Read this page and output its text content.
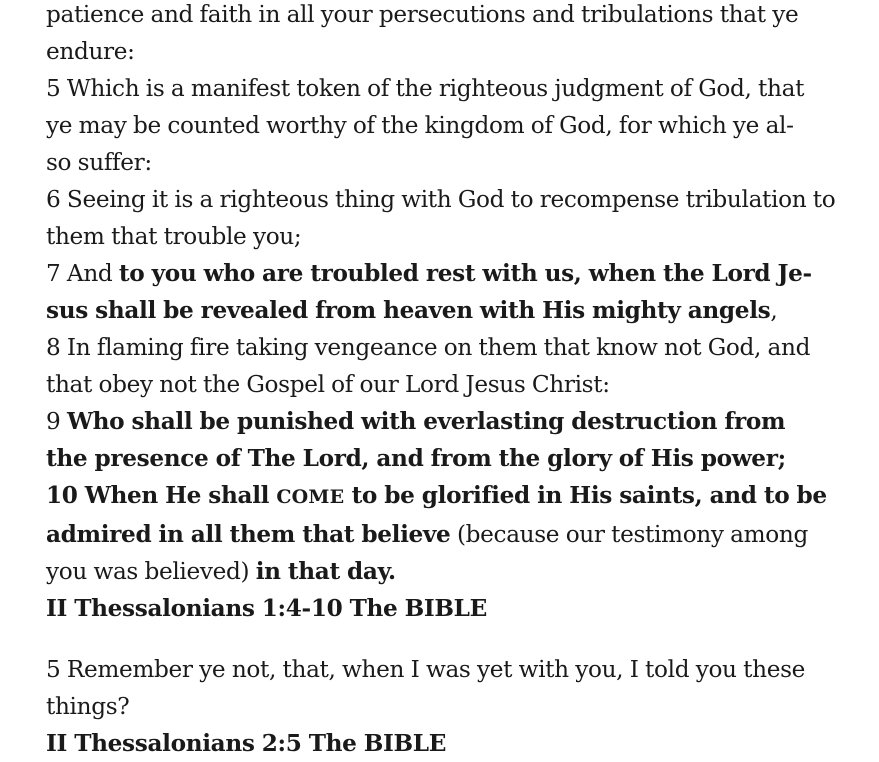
patience and faith in all your persecutions and tribulations that ye
endure:
5 Which is a manifest token of the righteous judgment of God, that
ye may be counted worthy of the kingdom of God, for which ye al-
so suffer:
6 Seeing it is a righteous thing with God to recompense tribulation to
them that trouble you;
7 And to you who are troubled rest with us, when the Lord Je-
sus shall be revealed from heaven with His mighty angels,
8 In flaming fire taking vengeance on them that know not God, and
that obey not the Gospel of our Lord Jesus Christ:
9 Who shall be punished with everlasting destruction from
the presence of The Lord, and from the glory of His power;
10 When He shall COME to be glorified in His saints, and to be
admired in all them that believe (because our testimony among
you was believed) in that day.
II Thessalonians 1:4-10 The BIBLE
5 Remember ye not, that, when I was yet with you, I told you these
things?
II Thessalonians 2:5 The BIBLE
